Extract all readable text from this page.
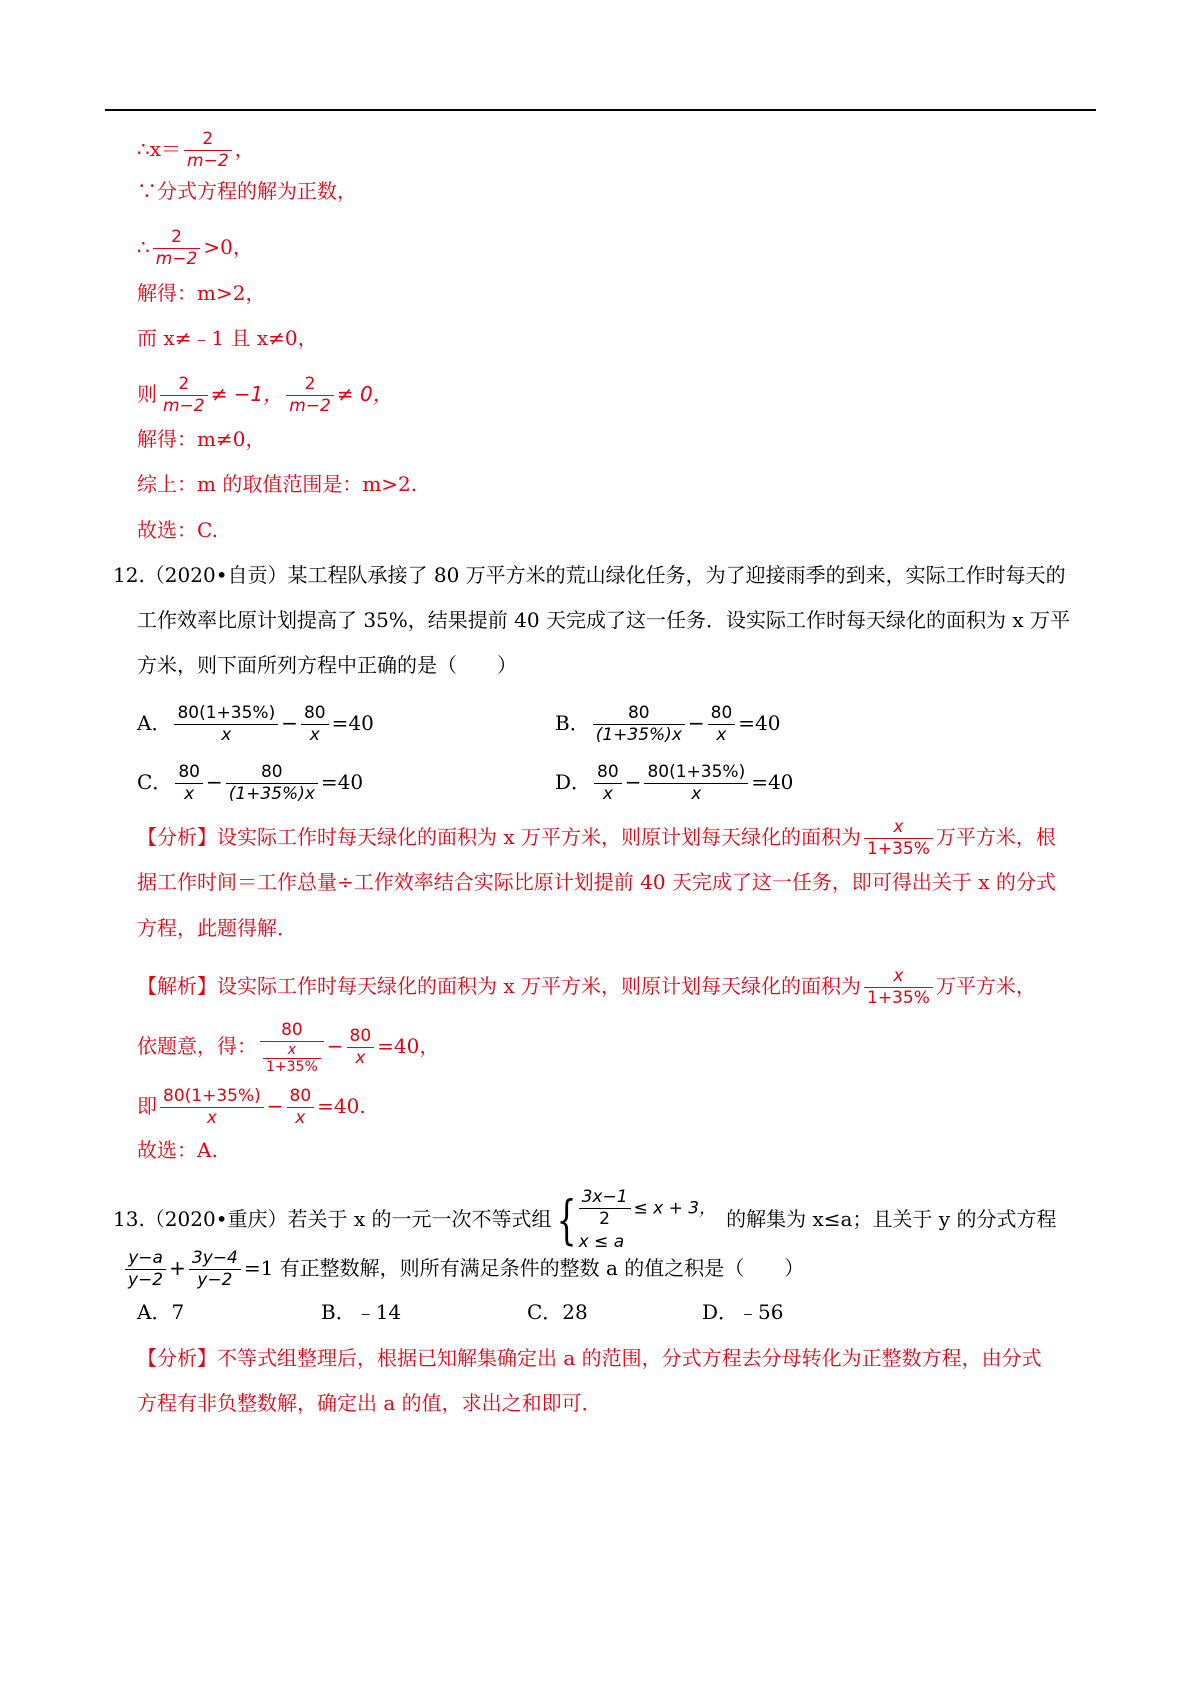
∴x＝ $\frac{2}{m-2}$ ，
∵分式方程的解为正数，
∴ $\frac{2}{m-2} >0$，
解得：m>2，
而 x≠﹣1 且 x≠0，
则 $\frac{2}{m-2} \ne -1$， $\frac{2}{m-2} \ne 0$，
解得：m≠0，
综上：m 的取值范围是：m>2.
故选：C.
12.（2020•自贡）某工程队承接了 80 万平方米的荒山绿化任务，为了迎接雨季的到来，实际工作时每天的
工作效率比原计划提高了 35%，结果提前 40 天完成了这一任务．设实际工作时每天绿化的面积为 x 万平
方米，则下面所列方程中正确的是（　　）
A． $\frac{80(1+35\%)}{x} - \frac{80}{x} =40$	B． $\frac{80}{(1+35\%)x} - \frac{80}{x} =40$
C． $\frac{80}{x} - \frac{80}{(1+35\%)x} =40$	D． $\frac{80}{x} - \frac{80(1+35\%)}{x} =40$
【分析】设实际工作时每天绿化的面积为 x 万平方米，则原计划每天绿化的面积为 $\frac{x}{1+35\%}$ 万平方米，根
据工作时间＝工作总量÷工作效率结合实际比原计划提前 40 天完成了这一任务，即可得出关于 x 的分式
方程，此题得解．
【解析】设实际工作时每天绿化的面积为 x 万平方米，则原计划每天绿化的面积为 $\frac{x}{1+35\%}$ 万平方米，
依题意，得： $\frac{80}{\frac{x}{1+35\%}} - \frac{80}{x} =40$，
即 $\frac{80(1+35\%)}{x} - \frac{80}{x} =40$.
故选：A.
13.（2020•重庆）若关于 x 的一元一次不等式组{ $\frac{3x-1}{2} \le x + 3$，
x ≤ a
的解集为 x≤a；且关于 y 的分式方程
$\frac{y-a}{y-2} + \frac{3y-4}{y-2} =1$ 有正整数解，则所有满足条件的整数 a 的值之积是（　　）
A．7	B．﹣14	C．28	D．﹣56
【分析】不等式组整理后，根据已知解集确定出 a 的范围，分式方程去分母转化为正整数方程，由分式
方程有非负整数解，确定出 a 的值，求出之和即可．
